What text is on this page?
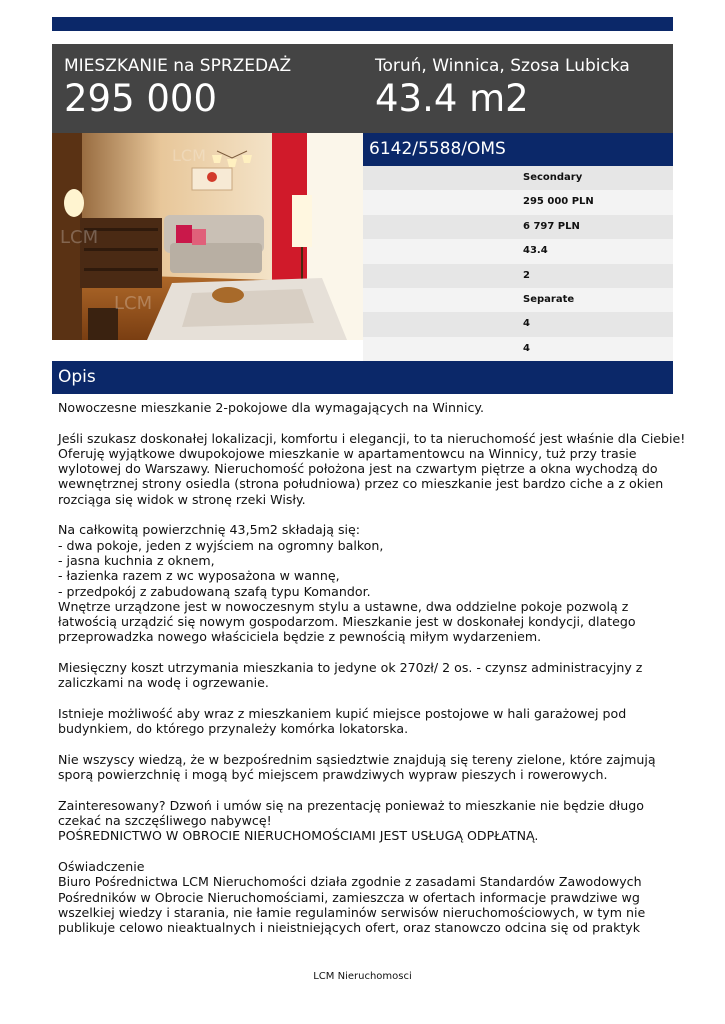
MIESZKANIE na SPRZEDAŻ
295 000
Toruń, Winnica, Szosa Lubicka
43.4 m2
LCM
LCM
LCM	6142/5588/OMS
Secondary
295 000 PLN
6 797 PLN
43.4
2
Separate
4
4
Opis
Nowoczesne mieszkanie 2-pokojowe dla wymagających na Winnicy.
Jeśli szukasz doskonałej lokalizacji, komfortu i elegancji, to ta nieruchomość jest właśnie dla Ciebie!
Oferuję wyjątkowe dwupokojowe mieszkanie w apartamentowcu na Winnicy, tuż przy trasie
wylotowej do Warszawy. Nieruchomość położona jest na czwartym piętrze a okna wychodzą do
wewnętrznej strony osiedla (strona południowa) przez co mieszkanie jest bardzo ciche a z okien
rozciąga się widok w stronę rzeki Wisły.
Na całkowitą powierzchnię 43,5m2 składają się:
- dwa pokoje, jeden z wyjściem na ogromny balkon,
- jasna kuchnia z oknem,
- łazienka razem z wc wyposażona w wannę,
- przedpokój z zabudowaną szafą typu Komandor.
Wnętrze urządzone jest w nowoczesnym stylu a ustawne, dwa oddzielne pokoje pozwolą z
łatwością urządzić się nowym gospodarzom. Mieszkanie jest w doskonałej kondycji, dlatego
przeprowadzka nowego właściciela będzie z pewnością miłym wydarzeniem.
Miesięczny koszt utrzymania mieszkania to jedyne ok 270zł/ 2 os. - czynsz administracyjny z
zaliczkami na wodę i ogrzewanie.
Istnieje możliwość aby wraz z mieszkaniem kupić miejsce postojowe w hali garażowej pod
budynkiem, do którego przynależy komórka lokatorska.
Nie wszyscy wiedzą, że w bezpośrednim sąsiedztwie znajdują się tereny zielone, które zajmują
sporą powierzchnię i mogą być miejscem prawdziwych wypraw pieszych i rowerowych.
Zainteresowany? Dzwoń i umów się na prezentację ponieważ to mieszkanie nie będzie długo
czekać na szczęśliwego nabywcę!
POŚREDNICTWO W OBROCIE NIERUCHOMOŚCIAMI JEST USŁUGĄ ODPŁATNĄ.
Oświadczenie
Biuro Pośrednictwa LCM Nieruchomości działa zgodnie z zasadami Standardów Zawodowych
Pośredników w Obrocie Nieruchomościami, zamieszcza w ofertach informacje prawdziwe wg
wszelkiej wiedzy i starania, nie łamie regulaminów serwisów nieruchomościowych, w tym nie
publikuje celowo nieaktualnych i nieistniejących ofert, oraz stanowczo odcina się od praktyk
LCM Nieruchomosci
